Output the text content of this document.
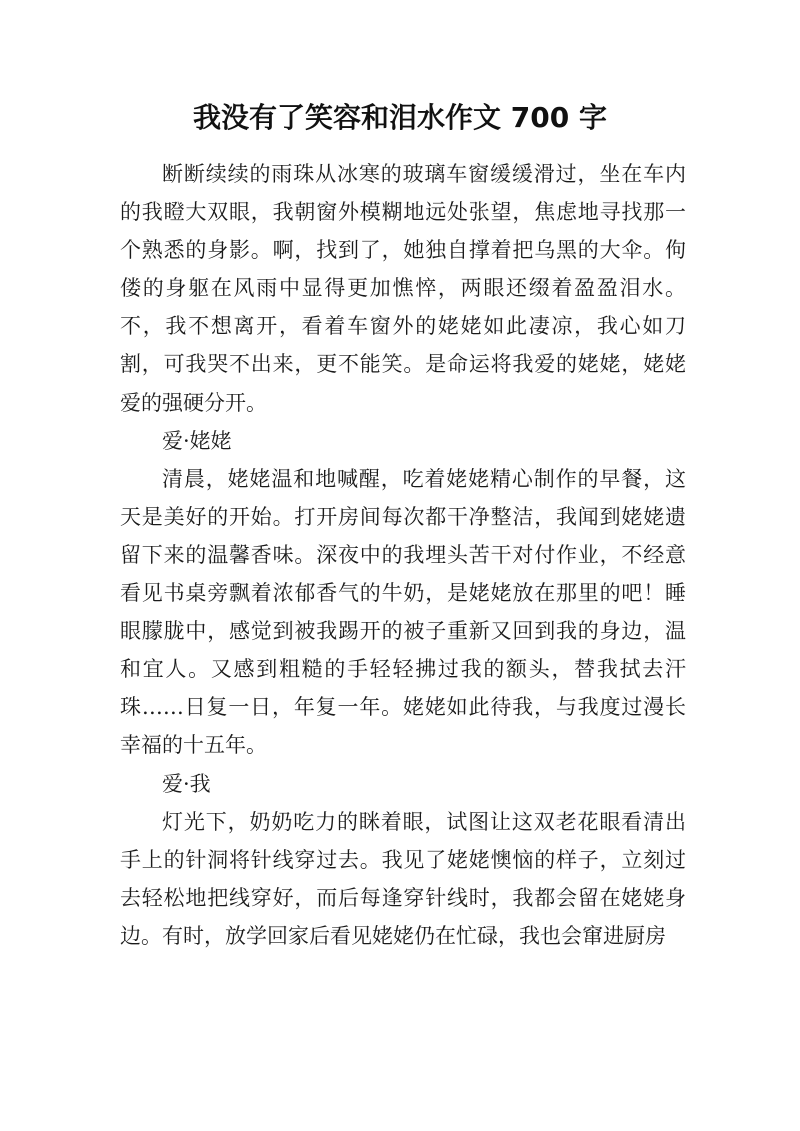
我没有了笑容和泪水作文 700 字

断断续续的雨珠从冰寒的玻璃车窗缓缓滑过，坐在车内的我瞪大双眼，我朝窗外模糊地远处张望，焦虑地寻找那一个熟悉的身影。啊，找到了，她独自撑着把乌黑的大伞。佝偻的身躯在风雨中显得更加憔悴，两眼还缀着盈盈泪水。不，我不想离开，看着车窗外的姥姥如此凄凉，我心如刀割，可我哭不出来，更不能笑。是命运将我爱的姥姥，姥姥爱的强硬分开。

爱·姥姥

清晨，姥姥温和地喊醒，吃着姥姥精心制作的早餐，这天是美好的开始。打开房间每次都干净整洁，我闻到姥姥遗留下来的温馨香味。深夜中的我埋头苦干对付作业，不经意看见书桌旁飘着浓郁香气的牛奶，是姥姥放在那里的吧！睡眼朦胧中，感觉到被我踢开的被子重新又回到我的身边，温和宜人。又感到粗糙的手轻轻拂过我的额头，替我拭去汗珠……日复一日，年复一年。姥姥如此待我，与我度过漫长幸福的十五年。

爱·我

灯光下，奶奶吃力的眯着眼，试图让这双老花眼看清出手上的针洞将针线穿过去。我见了姥姥懊恼的样子，立刻过去轻松地把线穿好，而后每逢穿针线时，我都会留在姥姥身边。有时，放学回家后看见姥姥仍在忙碌，我也会窜进厨房
